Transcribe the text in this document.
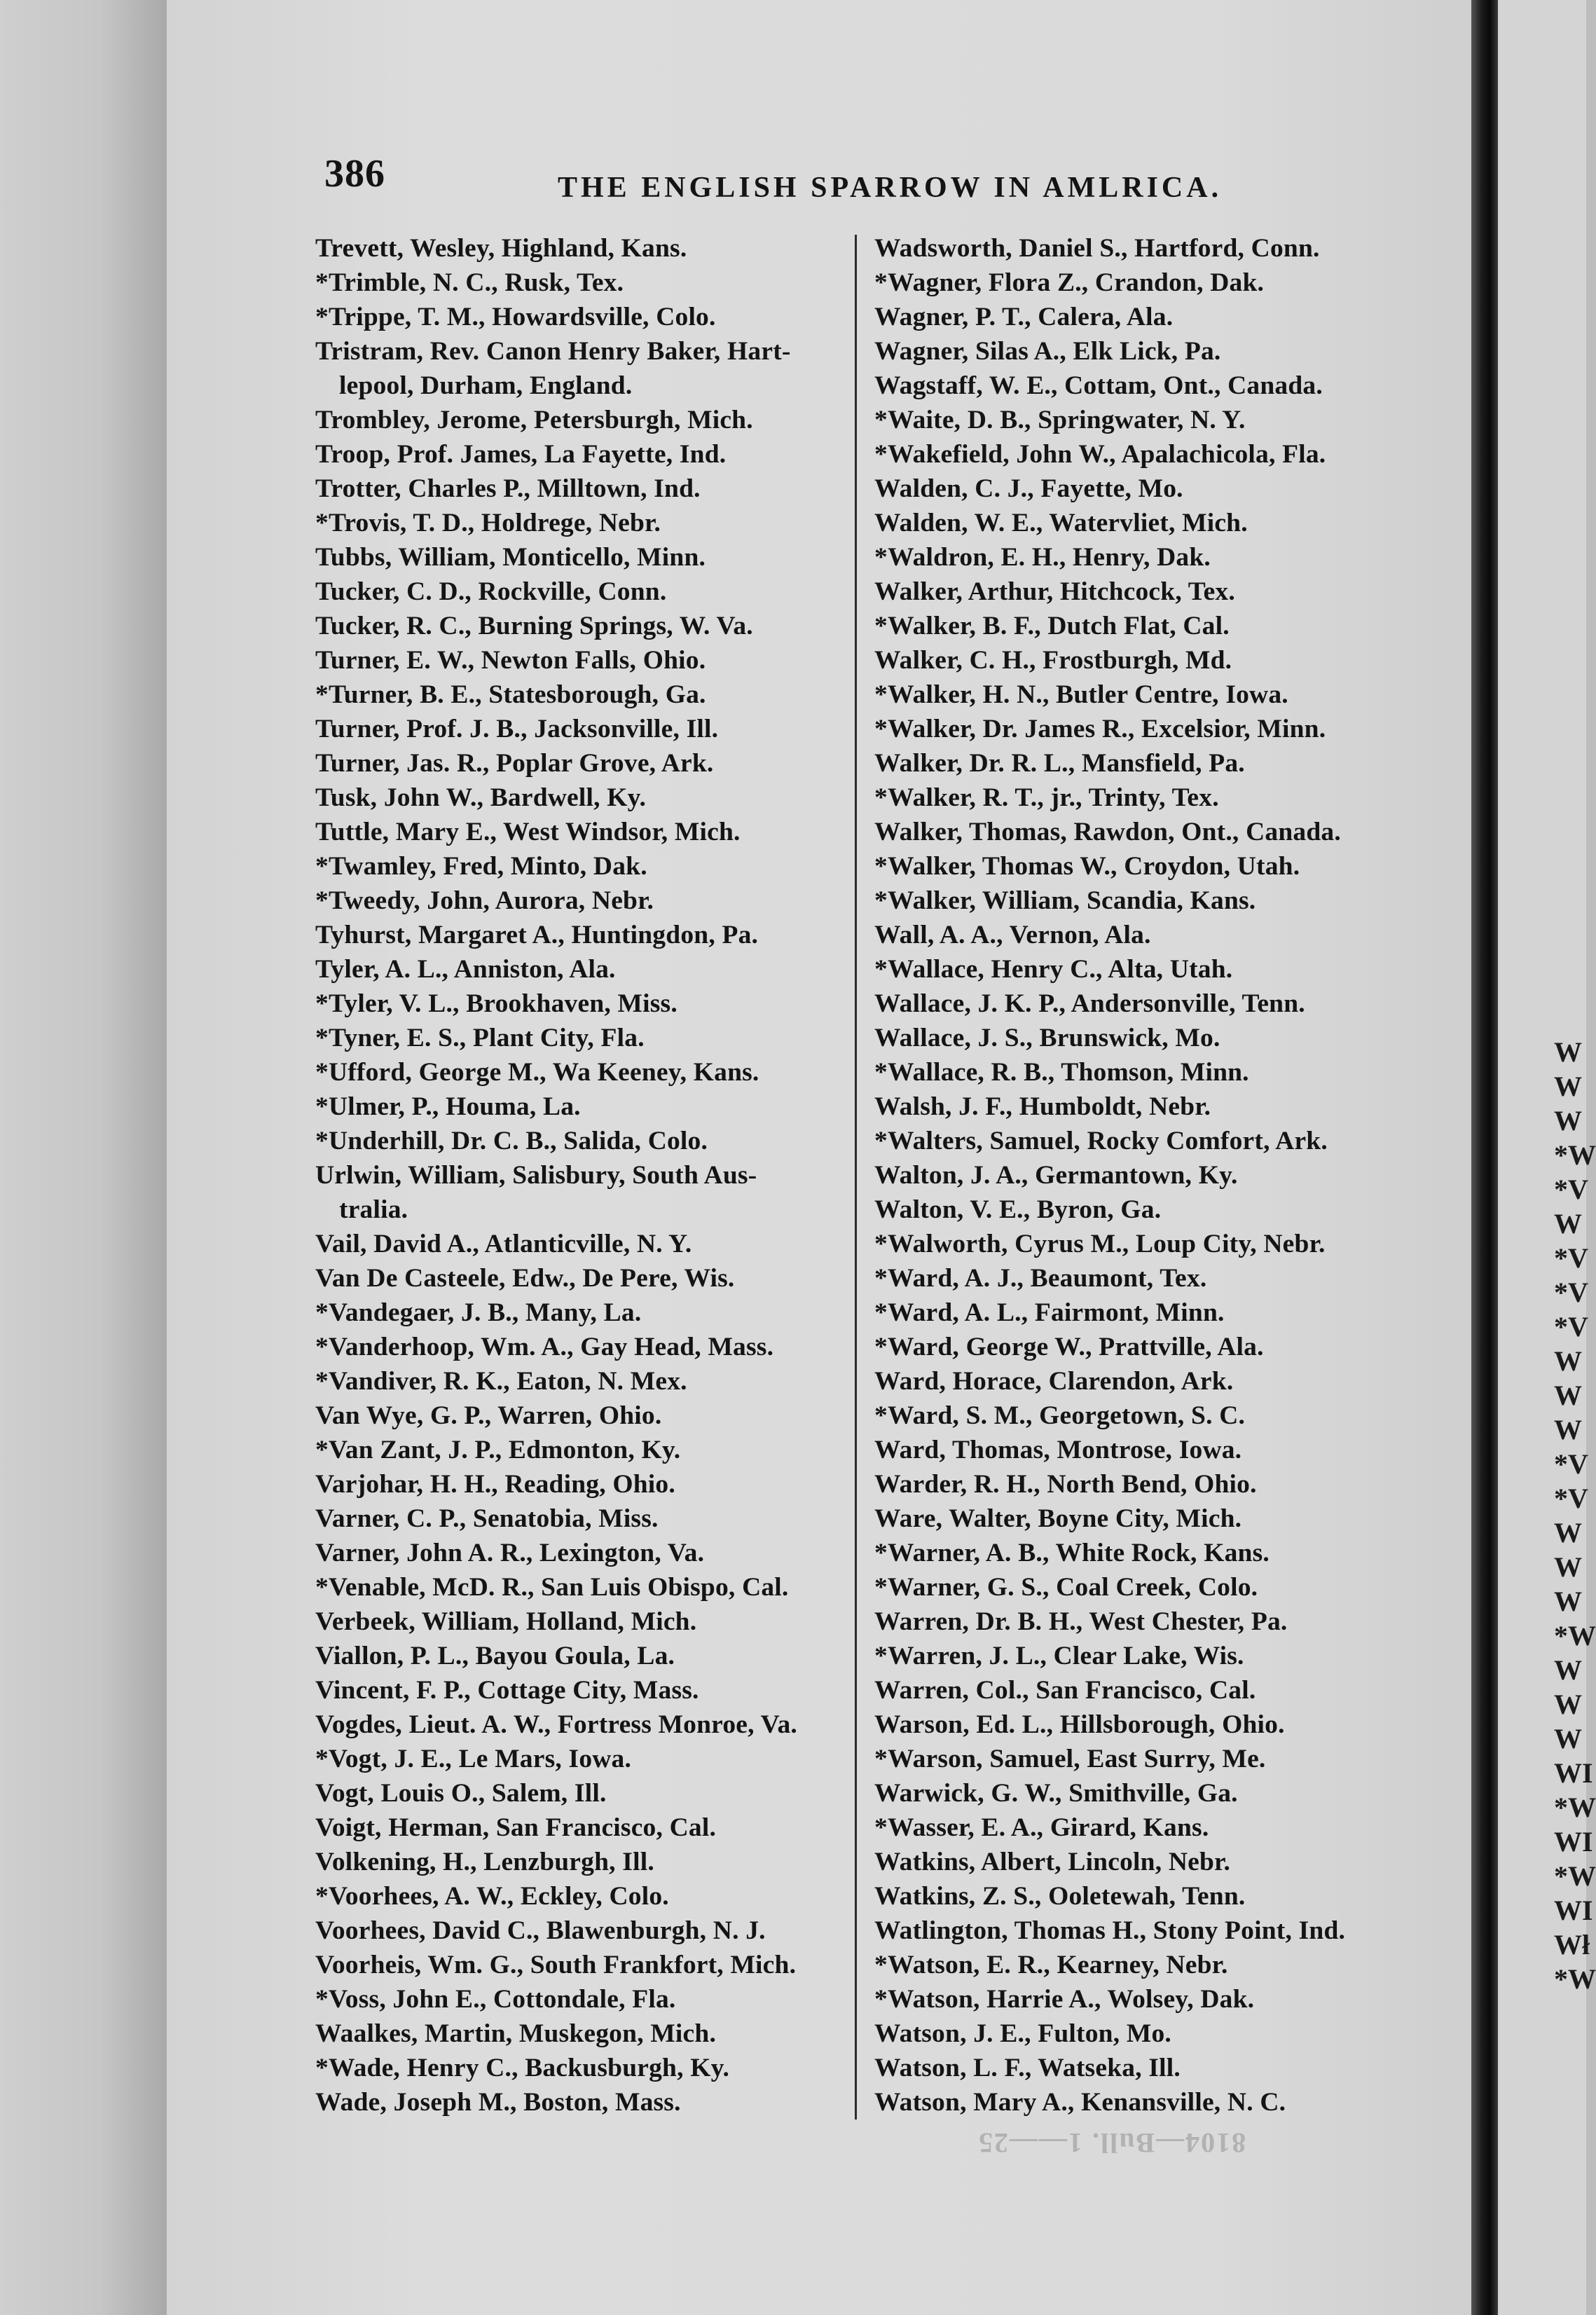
386	THE ENGLISH SPARROW IN AMLRICA.
Trevett, Wesley, Highland, Kans.
*Trimble, N. C., Rusk, Tex.
*Trippe, T. M., Howardsville, Colo.
Tristram, Rev. Canon Henry Baker, Hart-
lepool, Durham, England.
Trombley, Jerome, Petersburgh, Mich.
Troop, Prof. James, La Fayette, Ind.
Trotter, Charles P., Milltown, Ind.
*Trovis, T. D., Holdrege, Nebr.
Tubbs, William, Monticello, Minn.
Tucker, C. D., Rockville, Conn.
Tucker, R. C., Burning Springs, W. Va.
Turner, E. W., Newton Falls, Ohio.
*Turner, B. E., Statesborough, Ga.
Turner, Prof. J. B., Jacksonville, Ill.
Turner, Jas. R., Poplar Grove, Ark.
Tusk, John W., Bardwell, Ky.
Tuttle, Mary E., West Windsor, Mich.
*Twamley, Fred, Minto, Dak.
*Tweedy, John, Aurora, Nebr.
Tyhurst, Margaret A., Huntingdon, Pa.
Tyler, A. L., Anniston, Ala.
*Tyler, V. L., Brookhaven, Miss.
*Tyner, E. S., Plant City, Fla.
*Ufford, George M., Wa Keeney, Kans.
*Ulmer, P., Houma, La.
*Underhill, Dr. C. B., Salida, Colo.
Urlwin, William, Salisbury, South Aus-
tralia.
Vail, David A., Atlanticville, N. Y.
Van De Casteele, Edw., De Pere, Wis.
*Vandegaer, J. B., Many, La.
*Vanderhoop, Wm. A., Gay Head, Mass.
*Vandiver, R. K., Eaton, N. Mex.
Van Wye, G. P., Warren, Ohio.
*Van Zant, J. P., Edmonton, Ky.
Varjohar, H. H., Reading, Ohio.
Varner, C. P., Senatobia, Miss.
Varner, John A. R., Lexington, Va.
*Venable, McD. R., San Luis Obispo, Cal.
Verbeek, William, Holland, Mich.
Viallon, P. L., Bayou Goula, La.
Vincent, F. P., Cottage City, Mass.
Vogdes, Lieut. A. W., Fortress Monroe, Va.
*Vogt, J. E., Le Mars, Iowa.
Vogt, Louis O., Salem, Ill.
Voigt, Herman, San Francisco, Cal.
Volkening, H., Lenzburgh, Ill.
*Voorhees, A. W., Eckley, Colo.
Voorhees, David C., Blawenburgh, N. J.
Voorheis, Wm. G., South Frankfort, Mich.
*Voss, John E., Cottondale, Fla.
Waalkes, Martin, Muskegon, Mich.
*Wade, Henry C., Backusburgh, Ky.
Wade, Joseph M., Boston, Mass.
Wadsworth, Daniel S., Hartford, Conn.
*Wagner, Flora Z., Crandon, Dak.
Wagner, P. T., Calera, Ala.
Wagner, Silas A., Elk Lick, Pa.
Wagstaff, W. E., Cottam, Ont., Canada.
*Waite, D. B., Springwater, N. Y.
*Wakefield, John W., Apalachicola, Fla.
Walden, C. J., Fayette, Mo.
Walden, W. E., Watervliet, Mich.
*Waldron, E. H., Henry, Dak.
Walker, Arthur, Hitchcock, Tex.
*Walker, B. F., Dutch Flat, Cal.
Walker, C. H., Frostburgh, Md.
*Walker, H. N., Butler Centre, Iowa.
*Walker, Dr. James R., Excelsior, Minn.
Walker, Dr. R. L., Mansfield, Pa.
*Walker, R. T., jr., Trinty, Tex.
Walker, Thomas, Rawdon, Ont., Canada.
*Walker, Thomas W., Croydon, Utah.
*Walker, William, Scandia, Kans.
Wall, A. A., Vernon, Ala.
*Wallace, Henry C., Alta, Utah.
Wallace, J. K. P., Andersonville, Tenn.
Wallace, J. S., Brunswick, Mo.
*Wallace, R. B., Thomson, Minn.
Walsh, J. F., Humboldt, Nebr.
*Walters, Samuel, Rocky Comfort, Ark.
Walton, J. A., Germantown, Ky.
Walton, V. E., Byron, Ga.
*Walworth, Cyrus M., Loup City, Nebr.
*Ward, A. J., Beaumont, Tex.
*Ward, A. L., Fairmont, Minn.
*Ward, George W., Prattville, Ala.
Ward, Horace, Clarendon, Ark.
*Ward, S. M., Georgetown, S. C.
Ward, Thomas, Montrose, Iowa.
Warder, R. H., North Bend, Ohio.
Ware, Walter, Boyne City, Mich.
*Warner, A. B., White Rock, Kans.
*Warner, G. S., Coal Creek, Colo.
Warren, Dr. B. H., West Chester, Pa.
*Warren, J. L., Clear Lake, Wis.
Warren, Col., San Francisco, Cal.
Warson, Ed. L., Hillsborough, Ohio.
*Warson, Samuel, East Surry, Me.
Warwick, G. W., Smithville, Ga.
*Wasser, E. A., Girard, Kans.
Watkins, Albert, Lincoln, Nebr.
Watkins, Z. S., Ooletewah, Tenn.
Watlington, Thomas H., Stony Point, Ind.
*Watson, E. R., Kearney, Nebr.
*Watson, Harrie A., Wolsey, Dak.
Watson, J. E., Fulton, Mo.
Watson, L. F., Watseka, Ill.
Watson, Mary A., Kenansville, N. C.
8104—Bull. 1——25
W
W
W
*W
*V
W
*V
*V
*V
W
W
W
*V
*V
W
W
W
*W
W
W
W
WI
*W
WI
*W
WI
Wł
*W
